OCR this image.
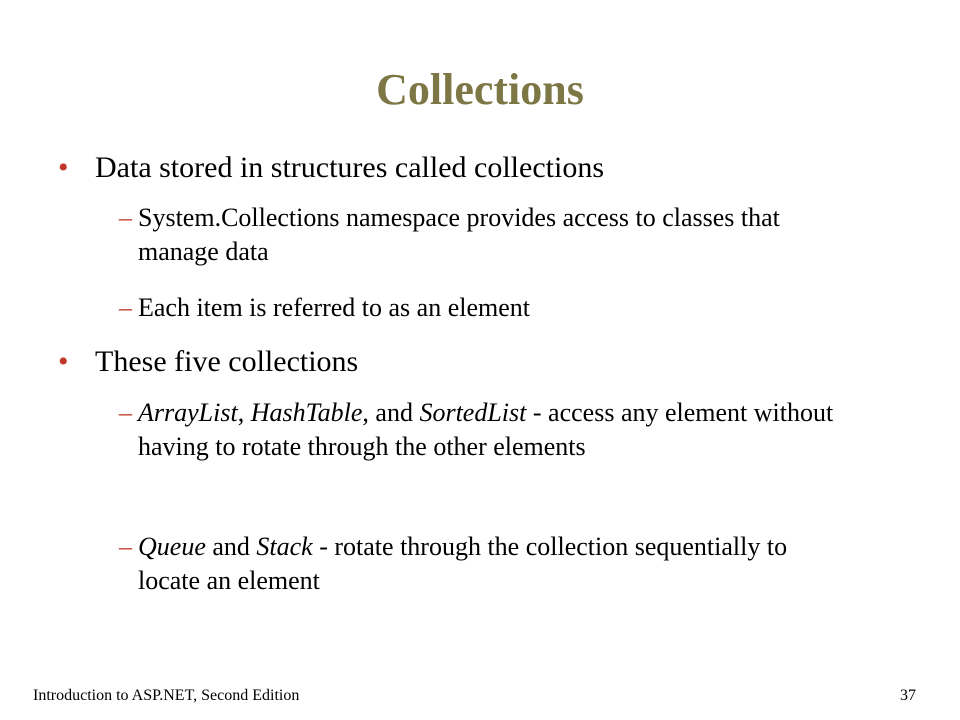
Collections
• Data stored in structures called collections
– System.Collections namespace provides access to classes that manage data
– Each item is referred to as an element
• These five collections
– ArrayList, HashTable, and SortedList - access any element without having to rotate through the other elements
– Queue and Stack - rotate through the collection sequentially to locate an element
Introduction to ASP.NET, Second Edition	37
